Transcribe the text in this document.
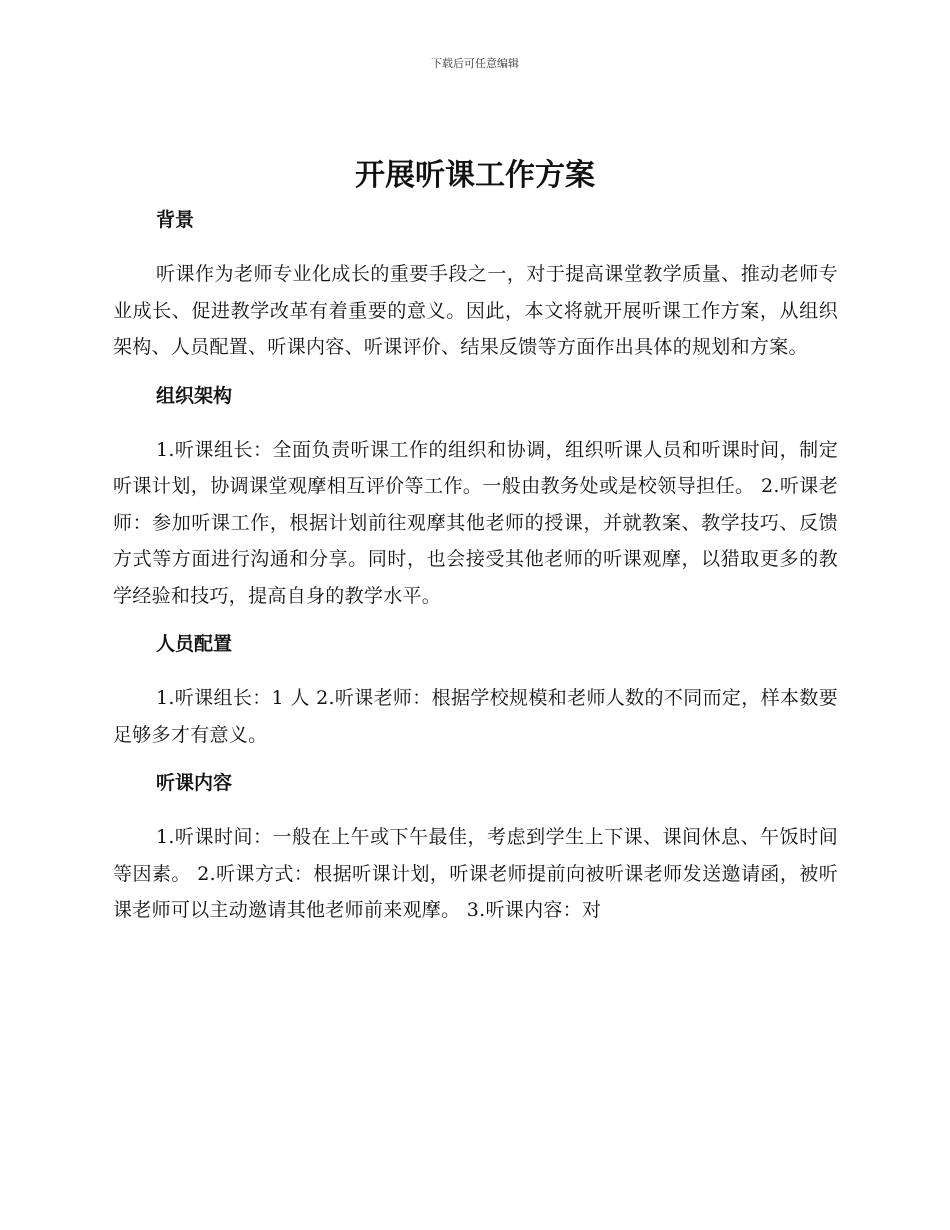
下载后可任意编辑
开展听课工作方案
背景

听课作为老师专业化成长的重要手段之一，对于提高课堂教学质量、推动老师专业成长、促进教学改革有着重要的意义。因此，本文将就开展听课工作方案，从组织架构、人员配置、听课内容、听课评价、结果反馈等方面作出具体的规划和方案。

组织架构

1.听课组长：全面负责听课工作的组织和协调，组织听课人员和听课时间，制定听课计划，协调课堂观摩相互评价等工作。一般由教务处或是校领导担任。 2.听课老师：参加听课工作，根据计划前往观摩其他老师的授课，并就教案、教学技巧、反馈方式等方面进行沟通和分享。同时，也会接受其他老师的听课观摩，以猎取更多的教学经验和技巧，提高自身的教学水平。

人员配置

1.听课组长：1 人 2.听课老师：根据学校规模和老师人数的不同而定，样本数要足够多才有意义。

听课内容

1.听课时间：一般在上午或下午最佳，考虑到学生上下课、课间休息、午饭时间等因素。 2.听课方式：根据听课计划，听课老师提前向被听课老师发送邀请函，被听课老师可以主动邀请其他老师前来观摩。 3.听课内容：对
